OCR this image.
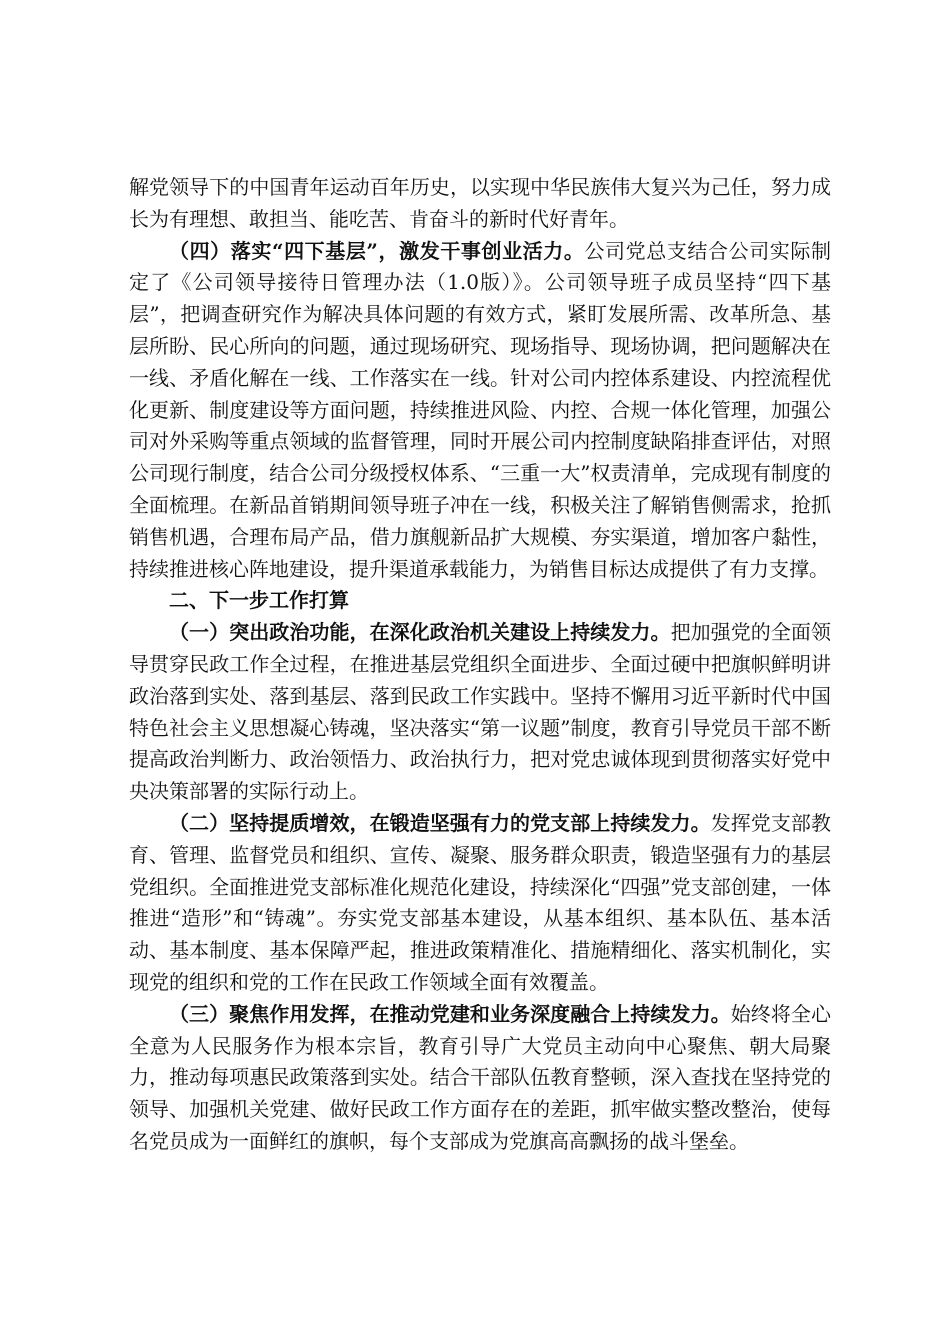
解党领导下的中国青年运动百年历史，以实现中华民族伟大复兴为己任，努力成长为有理想、敢担当、能吃苦、肯奋斗的新时代好青年。

（四）落实“四下基层”，激发干事创业活力。公司党总支结合公司实际制定了《公司领导接待日管理办法（1.0版）》。公司领导班子成员坚持“四下基层”，把调查研究作为解决具体问题的有效方式，紧盯发展所需、改革所急、基层所盼、民心所向的问题，通过现场研究、现场指导、现场协调，把问题解决在一线、矛盾化解在一线、工作落实在一线。针对公司内控体系建设、内控流程优化更新、制度建设等方面问题，持续推进风险、内控、合规一体化管理，加强公司对外采购等重点领域的监督管理，同时开展公司内控制度缺陷排查评估，对照公司现行制度，结合公司分级授权体系、“三重一大”权责清单，完成现有制度的全面梳理。在新品首销期间领导班子冲在一线，积极关注了解销售侧需求，抢抓销售机遇，合理布局产品，借力旗舰新品扩大规模、夯实渠道，增加客户黏性，持续推进核心阵地建设，提升渠道承载能力，为销售目标达成提供了有力支撑。

二、下一步工作打算

（一）突出政治功能，在深化政治机关建设上持续发力。把加强党的全面领导贯穿民政工作全过程，在推进基层党组织全面进步、全面过硬中把旗帜鲜明讲政治落到实处、落到基层、落到民政工作实践中。坚持不懈用习近平新时代中国特色社会主义思想凝心铸魂，坚决落实“第一议题”制度，教育引导党员干部不断提高政治判断力、政治领悟力、政治执行力，把对党忠诚体现到贯彻落实好党中央决策部署的实际行动上。

（二）坚持提质增效，在锻造坚强有力的党支部上持续发力。发挥党支部教育、管理、监督党员和组织、宣传、凝聚、服务群众职责，锻造坚强有力的基层党组织。全面推进党支部标准化规范化建设，持续深化“四强”党支部创建，一体推进“造形”和“铸魂”。夯实党支部基本建设，从基本组织、基本队伍、基本活动、基本制度、基本保障严起，推进政策精准化、措施精细化、落实机制化，实现党的组织和党的工作在民政工作领域全面有效覆盖。

（三）聚焦作用发挥，在推动党建和业务深度融合上持续发力。始终将全心全意为人民服务作为根本宗旨，教育引导广大党员主动向中心聚焦、朝大局聚力，推动每项惠民政策落到实处。结合干部队伍教育整顿，深入查找在坚持党的领导、加强机关党建、做好民政工作方面存在的差距，抓牢做实整改整治，使每名党员成为一面鲜红的旗帜，每个支部成为党旗高高飘扬的战斗堡垒。
